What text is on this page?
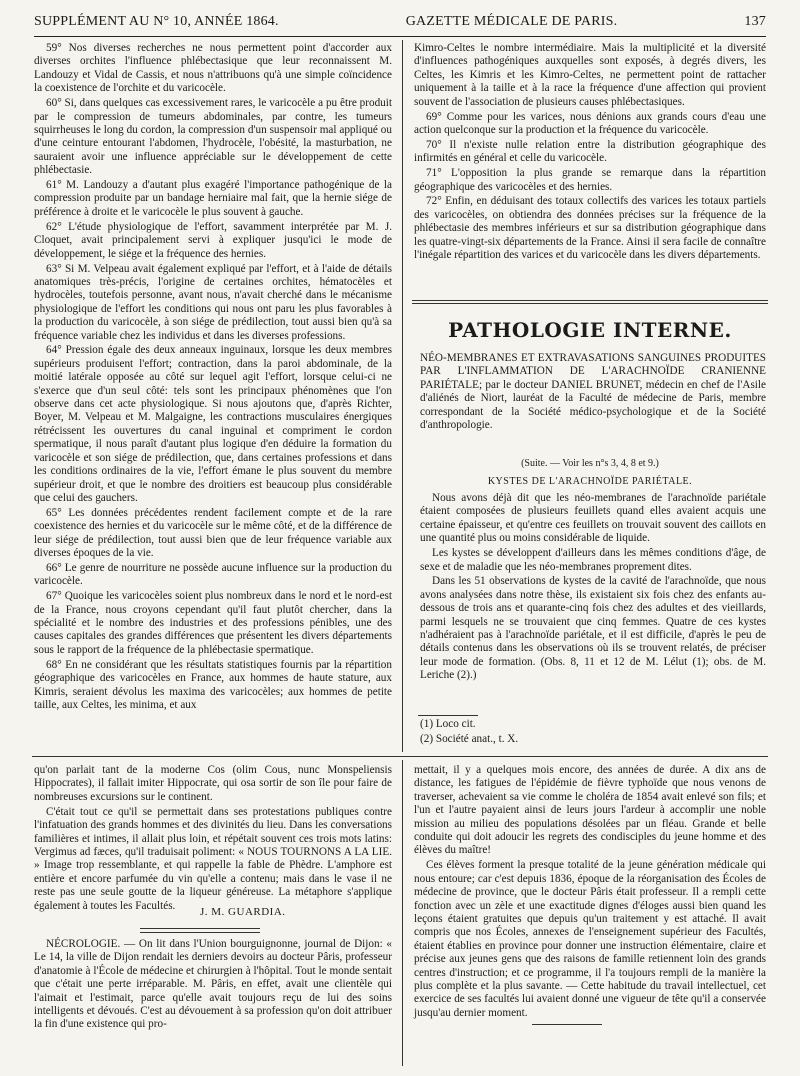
SUPPLÉMENT AU N° 10, ANNÉE 1864.	GAZETTE MÉDICALE DE PARIS.	137

59° Nos diverses recherches ne nous permettent point d'accorder aux diverses orchites l'influence phlébectasique que leur reconnaissent M. Landouzy et Vidal de Cassis, et nous n'attribuons qu'à une simple coïncidence la coexistence de l'orchite et du varicocèle.

60° Si, dans quelques cas excessivement rares, le varicocèle a pu être produit par le compression de tumeurs abdominales, par contre, les tumeurs squirrheuses le long du cordon, la compression d'un suspensoir mal appliqué ou d'une ceinture entourant l'abdomen, l'hydrocèle, l'obésité, la masturbation, ne sauraient avoir une influence appréciable sur le développement de cette phlébectasie.

61° M. Landouzy a d'autant plus exagéré l'importance pathogénique de la compression produite par un bandage herniaire mal fait, que la hernie siége de préférence à droite et le varicocèle le plus souvent à gauche.

62° L'étude physiologique de l'effort, savamment interprétée par M. J. Cloquet, avait principalement servi à expliquer jusqu'ici le mode de développement, le siége et la fréquence des hernies.

63° Si M. Velpeau avait également expliqué par l'effort, et à l'aide de détails anatomiques très-précis, l'origine de certaines orchites, hématocèles et hydrocèles, toutefois personne, avant nous, n'avait cherché dans le mécanisme physiologique de l'effort les conditions qui nous ont paru les plus favorables à la production du varicocèle, à son siége de prédilection, tout aussi bien qu'à sa fréquence variable chez les individus et dans les diverses professions.

64° Pression égale des deux anneaux inguinaux, lorsque les deux membres supérieurs produisent l'effort; contraction, dans la paroi abdominale, de la moitié latérale opposée au côté sur lequel agit l'effort, lorsque celui-ci ne s'exerce que d'un seul côté: tels sont les principaux phénomènes que l'on observe dans cet acte physiologique. Si nous ajoutons que, d'après Richter, Boyer, M. Velpeau et M. Malgaigne, les contractions musculaires énergiques rétrécissent les ouvertures du canal inguinal et compriment le cordon spermatique, il nous paraît d'autant plus logique d'en déduire la formation du varicocèle et son siége de prédilection, que, dans certaines professions et dans les conditions ordinaires de la vie, l'effort émane le plus souvent du membre supérieur droit, et que le nombre des droitiers est beaucoup plus considérable que celui des gauchers.

65° Les données précédentes rendent facilement compte et de la rare coexistence des hernies et du varicocèle sur le même côté, et de la différence de leur siége de prédilection, tout aussi bien que de leur fréquence variable aux diverses époques de la vie.

66° Le genre de nourriture ne possède aucune influence sur la production du varicocèle.

67° Quoique les varicocèles soient plus nombreux dans le nord et le nord-est de la France, nous croyons cependant qu'il faut plutôt chercher, dans la spécialité et le nombre des industries et des professions pénibles, une des causes capitales des grandes différences que présentent les divers départements sous le rapport de la fréquence de la phlébectasie spermatique.

68° En ne considérant que les résultats statistiques fournis par la répartition géographique des varicocèles en France, aux hommes de haute stature, aux Kimris, seraient dévolus les maxima des varicocèles; aux hommes de petite taille, aux Celtes, les minima, et aux

Kimro-Celtes le nombre intermédiaire. Mais la multiplicité et la diversité d'influences pathogéniques auxquelles sont exposés, à degrés divers, les Celtes, les Kimris et les Kimro-Celtes, ne permettent point de rattacher uniquement à la taille et à la race la fréquence d'une affection qui provient souvent de l'association de plusieurs causes phlébectasiques.

69° Comme pour les varices, nous dénions aux grands cours d'eau une action quelconque sur la production et la fréquence du varicocèle.

70° Il n'existe nulle relation entre la distribution géographique des infirmités en général et celle du varicocèle.

71° L'opposition la plus grande se remarque dans la répartition géographique des varicocèles et des hernies.

72° Enfin, en déduisant des totaux collectifs des varices les totaux partiels des varicocèles, on obtiendra des données précises sur la fréquence de la phlébectasie des membres inférieurs et sur sa distribution géographique dans les quatre-vingt-six départements de la France. Ainsi il sera facile de connaître l'inégale répartition des varices et du varicocèle dans les divers départements.

PATHOLOGIE INTERNE.

NÉO-MEMBRANES ET EXTRAVASATIONS SANGUINES PRODUITES PAR L'INFLAMMATION DE L'ARACHNOÏDE CRANIENNE PARIÉTALE; par le docteur DANIEL BRUNET, médecin en chef de l'Asile d'aliénés de Niort, lauréat de la Faculté de médecine de Paris, membre correspondant de la Société médico-psychologique et de la Société d'anthropologie.

(Suite. — Voir les n°s 3, 4, 8 et 9.)
KYSTES DE L'ARACHNOÏDE PARIÉTALE.

Nous avons déjà dit que les néo-membranes de l'arachnoïde pariétale étaient composées de plusieurs feuillets quand elles avaient acquis une certaine épaisseur, et qu'entre ces feuillets on trouvait souvent des caillots en une quantité plus ou moins considérable de liquide.

Les kystes se développent d'ailleurs dans les mêmes conditions d'âge, de sexe et de maladie que les néo-membranes proprement dites.

Dans les 51 observations de kystes de la cavité de l'arachnoïde, que nous avons analysées dans notre thèse, ils existaient six fois chez des enfants au-dessous de trois ans et quarante-cinq fois chez des adultes et des vieillards, parmi lesquels ne se trouvaient que cinq femmes. Quatre de ces kystes n'adhéraient pas à l'arachnoïde pariétale, et il est difficile, d'après le peu de détails contenus dans les observations où ils se trouvent relatés, de préciser leur mode de formation. (Obs. 8, 11 et 12 de M. Lélut (1); obs. de M. Leriche (2).)

(1) Loco cit.

(2) Société anat., t. X.

qu'on parlait tant de la moderne Cos (olim Cous, nunc Monspeliensis Hippocrates), il fallait imiter Hippocrate, qui osa sortir de son île pour faire de nombreuses excursions sur le continent.

C'était tout ce qu'il se permettait dans ses protestations publiques contre l'infatuation des grands hommes et des divinités du lieu. Dans les conversations familières et intimes, il allait plus loin, et répétait souvent ces trois mots latins: Vergimus ad fæces, qu'il traduisait poliment: « NOUS TOURNONS A LA LIE. » Image trop ressemblante, et qui rappelle la fable de Phèdre. L'amphore est entière et encore parfumée du vin qu'elle a contenu; mais dans le vase il ne reste pas une seule goutte de la liqueur généreuse. La métaphore s'applique également à toutes les Facultés.

J. M. GUARDIA.

NÉCROLOGIE. — On lit dans l'Union bourguignonne, journal de Dijon: « Le 14, la ville de Dijon rendait les derniers devoirs au docteur Pâris, professeur d'anatomie à l'École de médecine et chirurgien à l'hôpital. Tout le monde sentait que c'était une perte irréparable. M. Pâris, en effet, avait une clientèle qui l'aimait et l'estimait, parce qu'elle avait toujours reçu de lui des soins intelligents et dévoués. C'est au dévouement à sa profession qu'on doit attribuer la fin d'une existence qui pro-

mettait, il y a quelques mois encore, des années de durée. A dix ans de distance, les fatigues de l'épidémie de fièvre typhoïde que nous venons de traverser, achevaient sa vie comme le choléra de 1854 avait enlevé son fils; et l'un et l'autre payaient ainsi de leurs jours l'ardeur à accomplir une noble mission au milieu des populations désolées par un fléau. Grande et belle conduite qui doit adoucir les regrets des condisciples du jeune homme et des élèves du maître!

Ces élèves forment la presque totalité de la jeune génération médicale qui nous entoure; car c'est depuis 1836, époque de la réorganisation des Écoles de médecine de province, que le docteur Pâris était professeur. Il a rempli cette fonction avec un zèle et une exactitude dignes d'éloges aussi bien quand les leçons étaient gratuites que depuis qu'un traitement y est attaché. Il avait compris que nos Écoles, annexes de l'enseignement supérieur des Facultés, étaient établies en province pour donner une instruction élémentaire, claire et précise aux jeunes gens que des raisons de famille retiennent loin des grands centres d'instruction; et ce programme, il l'a toujours rempli de la manière la plus complète et la plus savante. — Cette habitude du travail intellectuel, cet exercice de ses facultés lui avaient donné une vigueur de tête qu'il a conservée jusqu'au dernier moment.
